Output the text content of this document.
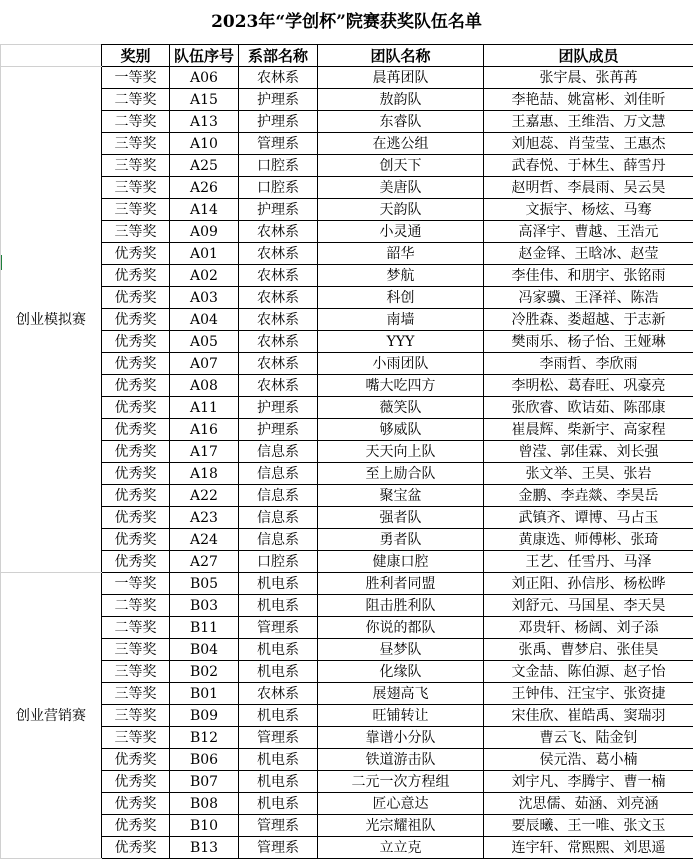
2023年“学创杯”院赛获奖队伍名单
	奖别	队伍序号	系部名称	团队名称	团队成员
创业模拟赛	一等奖	A06	农林系	晨苒团队	张宇晨、张苒苒
	二等奖	A15	护理系	敖韵队	李艳喆、姚富彬、刘佳昕
	二等奖	A13	护理系	东睿队	王嘉惠、王维浩、万文慧
	三等奖	A10	管理系	在逃公组	刘旭蕊、肖莹莹、王惠杰
	三等奖	A25	口腔系	创天下	武春悦、于林生、薛雪丹
	三等奖	A26	口腔系	美唐队	赵明哲、李晨雨、吴云昊
	三等奖	A14	护理系	天韵队	文振宇、杨炫、马骞
	三等奖	A09	农林系	小灵通	高泽宇、曹越、王浩元
	优秀奖	A01	农林系	韶华	赵金铎、王晗冰、赵莹
	优秀奖	A02	农林系	梦航	李佳伟、和朋宇、张铭雨
	优秀奖	A03	农林系	科创	冯家骥、王泽祥、陈浩
	优秀奖	A04	农林系	南墙	冷胜森、娄超越、于志新
	优秀奖	A05	农林系	YYY	樊雨乐、杨子怡、王娅琳
	优秀奖	A07	农林系	小雨团队	李雨哲、李欣雨
	优秀奖	A08	农林系	嘴大吃四方	李明松、葛春旺、巩豪亮
	优秀奖	A11	护理系	薇笑队	张欣睿、欧诘茹、陈邵康
	优秀奖	A16	护理系	够威队	崔晨辉、柴新宇、高家程
	优秀奖	A17	信息系	天天向上队	曾滢、郭佳霖、刘长强
	优秀奖	A18	信息系	至上励合队	张文举、王昊、张岩
	优秀奖	A22	信息系	聚宝盆	金鹏、李垚燚、李昊岳
	优秀奖	A23	信息系	强者队	武镇齐、谭博、马占玉
	优秀奖	A24	信息系	勇者队	黄康选、师傅彬、张琦
	优秀奖	A27	口腔系	健康口腔	王艺、任雪丹、马泽
创业营销赛	一等奖	B05	机电系	胜利者同盟	刘正阳、孙信彤、杨松晔
	二等奖	B03	机电系	阻击胜利队	刘舒元、马国星、李天昊
	二等奖	B11	管理系	你说的都队	邓贵轩、杨阔、刘子添
	三等奖	B04	机电系	昼梦队	张禹、曹梦启、张佳昊
	三等奖	B02	机电系	化缘队	文金喆、陈伯源、赵子怡
	三等奖	B01	农林系	展翅高飞	王钟伟、汪宝宇、张资捷
	三等奖	B09	机电系	旺铺转让	宋佳欣、崔皓禹、窦瑞羽
	三等奖	B12	管理系	靠谱小分队	曹云飞、陆金钊
	优秀奖	B06	机电系	铁道游击队	侯元浩、葛小楠
	优秀奖	B07	机电系	二元一次方程组	刘宇凡、李腾宇、曹一楠
	优秀奖	B08	机电系	匠心意达	沈思儒、茹涵、刘亮涵
	优秀奖	B10	管理系	光宗耀祖队	要辰曦、王一唯、张文玉
	优秀奖	B13	管理系	立立克	连宇轩、常熙熙、刘思遥
